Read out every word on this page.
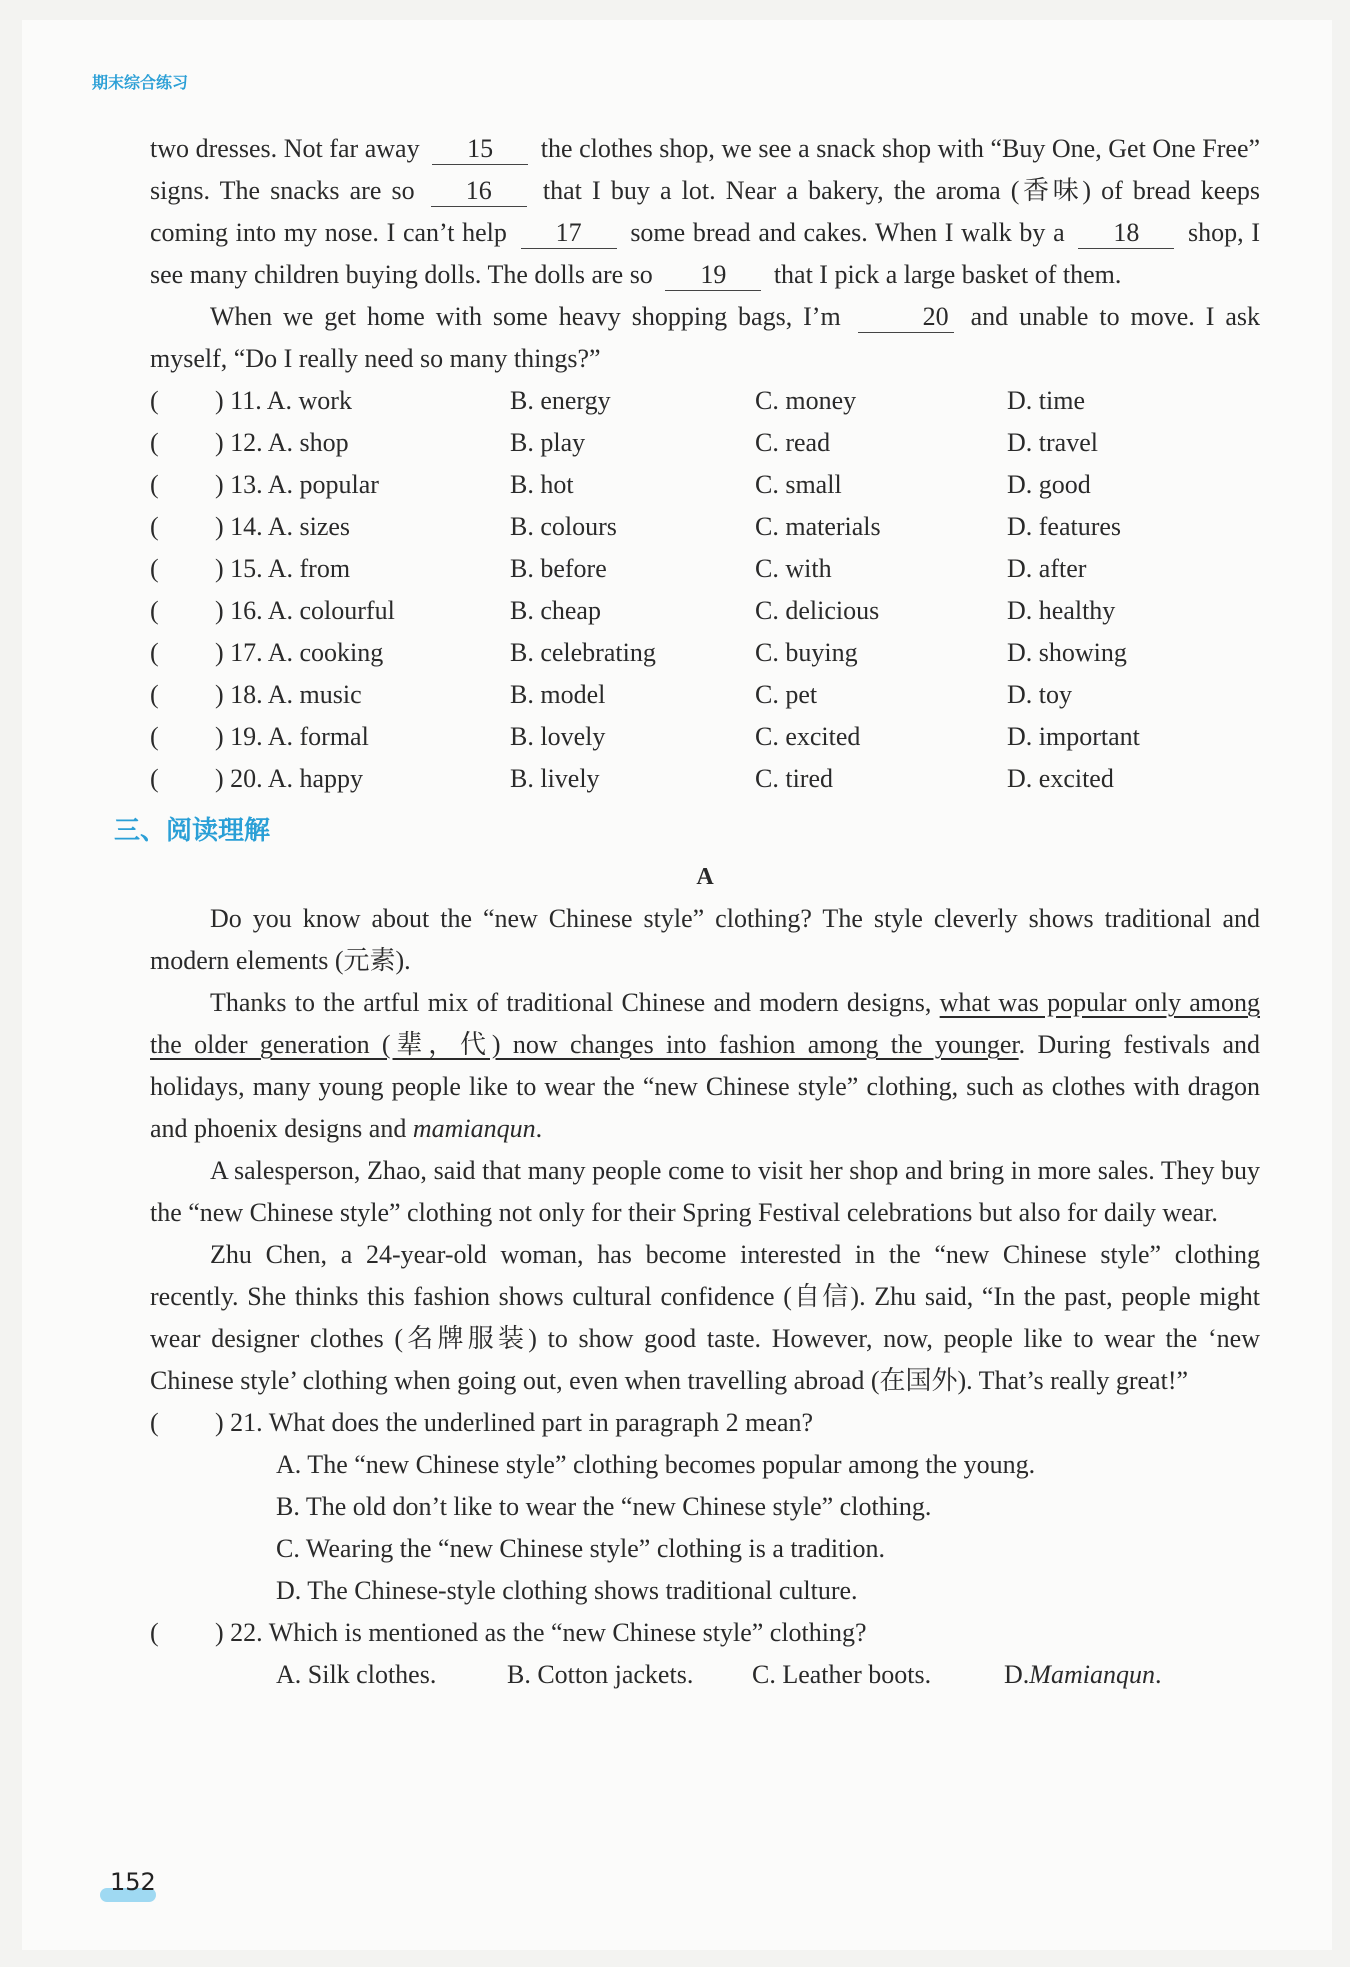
期末综合练习

two dresses. Not far away 15 the clothes shop, we see a snack shop with “Buy One, Get One Free” signs. The snacks are so 16 that I buy a lot. Near a bakery, the aroma (香味) of bread keeps coming into my nose. I can’t help 17 some bread and cakes. When I walk by a 18 shop, I see many children buying dolls. The dolls are so 19 that I pick a large basket of them.

When we get home with some heavy shopping bags, I’m	20 and unable to move. I ask myself, “Do I really need so many things?”

(	) 11. A. work	B. energy	C. money	D. time
(	) 12. A. shop	B. play	C. read	D. travel
(	) 13. A. popular	B. hot	C. small	D. good
(	) 14. A. sizes	B. colours	C. materials	D. features
(	) 15. A. from	B. before	C. with	D. after
(	) 16. A. colourful	B. cheap	C. delicious	D. healthy
(	) 17. A. cooking	B. celebrating	C. buying	D. showing
(	) 18. A. music	B. model	C. pet	D. toy
(	) 19. A. formal	B. lovely	C. excited	D. important
(	) 20. A. happy	B. lively	C. tired	D. excited
三、阅读理解
A

Do you know about the “new Chinese style” clothing? The style cleverly shows traditional and modern elements (元素).

Thanks to the artful mix of traditional Chinese and modern designs, what was popular only among the older generation (辈，代) now changes into fashion among the younger. During festivals and holidays, many young people like to wear the “new Chinese style” clothing, such as clothes with dragon and phoenix designs and mamianqun.

A salesperson, Zhao, said that many people come to visit her shop and bring in more sales. They buy the “new Chinese style” clothing not only for their Spring Festival celebrations but also for daily wear.

Zhu Chen, a 24-year-old woman, has become interested in the “new Chinese style” clothing recently. She thinks this fashion shows cultural confidence (自信). Zhu said, “In the past, people might wear designer clothes (名牌服装) to show good taste. However, now, people like to wear the ‘new Chinese style’ clothing when going out, even when travelling abroad (在国外). That’s really great!”

(	) 21. What does the underlined part in paragraph 2 mean?
A. The “new Chinese style” clothing becomes popular among the young.
B. The old don’t like to wear the “new Chinese style” clothing.
C. Wearing the “new Chinese style” clothing is a tradition.
D. The Chinese-style clothing shows traditional culture.
(	) 22. Which is mentioned as the “new Chinese style” clothing?
A. Silk clothes.	B. Cotton jackets.	C. Leather boots.	D.Mamianqun.
152
